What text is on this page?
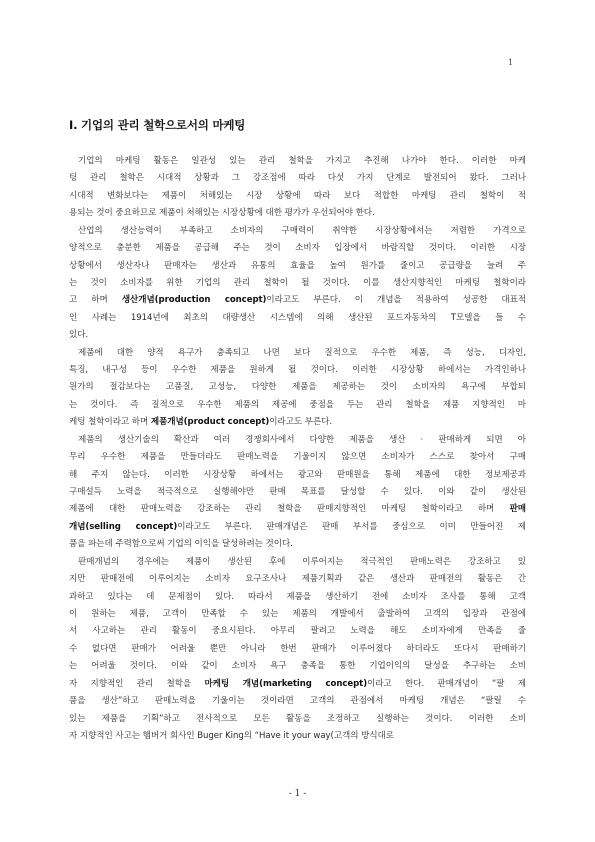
1
Ⅰ. 기업의 관리 철학으로서의 마케팅
기업의 마케팅 활동은 일관성 있는 관리 철학을 가지고 추진해 나가야 한다. 이러한 마케
팅 관리 철학은 시대적 상황과 그 강조점에 따라 다섯 가지 단계로 발전되어 왔다. 그러나
시대적 변화보다는 제품이 처해있는 시장 상황에 따라 보다 적합한 마케팅 관리 철학이 적
용되는 것이 중요하므로 제품이 처해있는 시장상황에 대한 평가가 우선되어야 한다.
산업의 생산능력이 부족하고 소비자의 구매력이 취약한 시장상황에서는 저렴한 가격으로
양적으로 충분한 제품을 공급해 주는 것이 소비자 입장에서 바람직할 것이다. 이러한 시장
상황에서 생산자나 판매자는 생산과 유통의 효율을 높여 원가를 줄이고 공급량을 늘려 주
는 것이 소비자를 위한 기업의 관리 철학이 될 것이다. 이를 생산지향적인 마케팅 철학이라
고 하며 생산개념(production concept)이라고도 부른다. 이 개념을 적용하여 성공한 대표적
인 사례는 1914년에 최초의 대량생산 시스템에 의해 생산된 포드자동차의 T모델을 들 수
있다.
제품에 대한 양적 욕구가 충족되고 나면 보다 질적으로 우수한 제품, 즉 성능, 디자인,
특징, 내구성 등이 우수한 제품을 원하게 될 것이다. 이러한 시장상황 하에서는 가격인하나
원가의 절감보다는 고품질, 고성능, 다양한 제품을 제공하는 것이 소비자의 욕구에 부합되
는 것이다. 즉 질적으로 우수한 제품의 제공에 중점을 두는 관리 철학을 제품 지향적인 마
케팅 철학이라고 하며 제품개념(product concept)이라고도 부른다.
제품의 생산기술의 확산과 여러 경쟁회사에서 다양한 제품을 생산 · 판매하게 되면 아
무리 우수한 제품을 만들더라도 판매노력을 기울이지 않으면 소비자가 스스로 찾아서 구매
해 주지 않는다. 이러한 시장상황 하에서는 광고와 판매원을 통해 제품에 대한 정보제공과
구매설득 노력을 적극적으로 실행해야만 판매 목표를 달성할 수 있다. 이와 같이 생산된
제품에 대한 판매노력을 강조하는 관리 철학을 판매지향적인 마케팅 철학이라고 하며 판매
개념(selling concept)이라고도 부른다. 판매개념은 판매 부서를 중심으로 이미 만들어진 제
품을 파는데 주력함으로써 기업의 이익을 달성하려는 것이다.
판매개념의 경우에는 제품이 생산된 후에 이루어지는 적극적인 판매노력은 강조하고 있
지만 판매전에 이루어지는 소비자 요구조사나 제품기획과 같은 생산과 판매전의 활동은 간
과하고 있다는 데 문제점이 있다. 따라서 제품을 생산하기 전에 소비자 조사를 통해 고객
이 원하는 제품, 고객이 만족할 수 있는 제품의 개발에서 출발하여 고객의 입장과 관점에
서 사고하는 관리 활동이 중요시된다. 아무리 팔려고 노력을 해도 소비자에게 만족을 줄
수 없다면 판매가 어려울 뿐만 아니라 한번 판매가 이루어졌다 하더라도 또다시 판매하기
는 어려울 것이다. 이와 같이 소비자 욕구 충족을 통한 기업이익의 달성을 추구하는 소비
자 지향적인 관리 철학을 마케팅 개념(marketing concept)이라고 한다. 판매개념이 “팔 제
품을 생산”하고 판매노력을 기울이는 것이라면 고객의 관점에서 마케팅 개념은 “팔릴 수
있는 제품을 기획”하고 전사적으로 모든 활동을 조정하고 실행하는 것이다. 이러한 소비
자 지향적인 사고는 햄버거 회사인 Buger King의 “Have it your way(고객의 방식대로
- 1 -
